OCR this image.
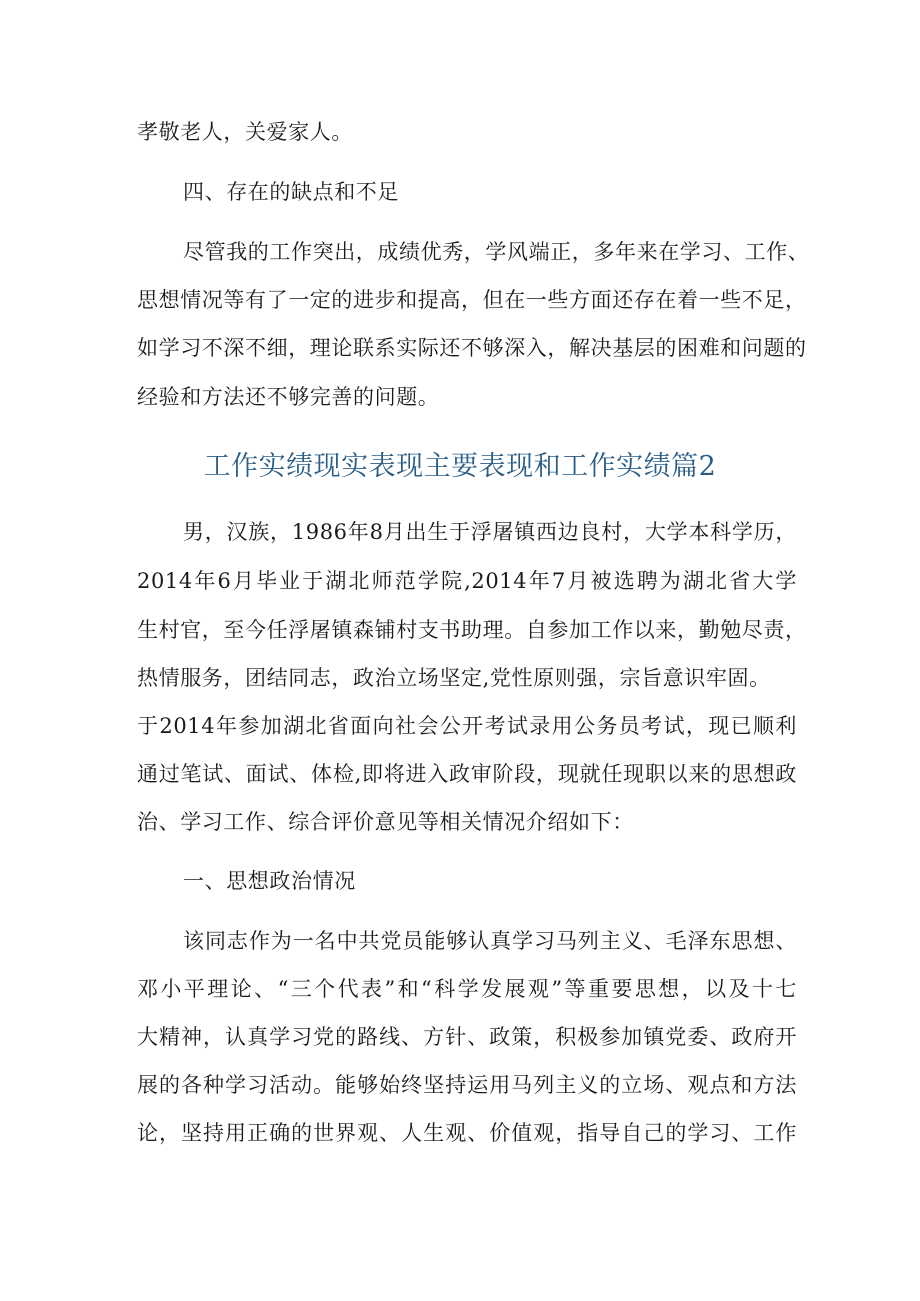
孝敬老人，关爱家人。
四、存在的缺点和不足
尽管我的工作突出，成绩优秀，学风端正，多年来在学习、工作、
思想情况等有了一定的进步和提高，但在一些方面还存在着一些不足，
如学习不深不细，理论联系实际还不够深入，解决基层的困难和问题的
经验和方法还不够完善的问题。
工作实绩现实表现主要表现和工作实绩篇2
男，汉族，1986年8月出生于浮屠镇西边良村，大学本科学历，
2014年6月毕业于湖北师范学院,2014年7月被选聘为湖北省大学
生村官，至今任浮屠镇森铺村支书助理。自参加工作以来，勤勉尽责，
热情服务，团结同志，政治立场坚定,党性原则强，宗旨意识牢固。
于2014年参加湖北省面向社会公开考试录用公务员考试，现已顺利
通过笔试、面试、体检,即将进入政审阶段，现就任现职以来的思想政
治、学习工作、综合评价意见等相关情况介绍如下：
一、思想政治情况
该同志作为一名中共党员能够认真学习马列主义、毛泽东思想、
邓小平理论、“三个代表”和“科学发展观”等重要思想，以及十七
大精神，认真学习党的路线、方针、政策，积极参加镇党委、政府开
展的各种学习活动。能够始终坚持运用马列主义的立场、观点和方法
论，坚持用正确的世界观、人生观、价值观，指导自己的学习、工作
